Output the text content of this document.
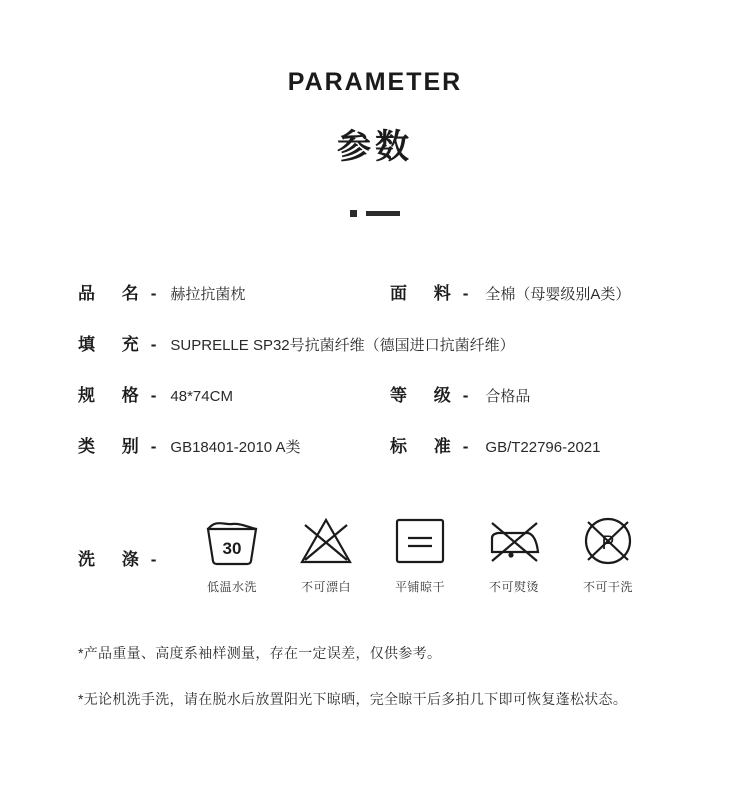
PARAMETER
参数
品 名 - 赫拉抗菌枕	面 料 - 全棉（母婴级别A类）
填 充 - SUPRELLE SP32号抗菌纤维（德国进口抗菌纤维）
规 格 - 48*74CM	等 级 - 合格品
类 别 - GB18401-2010 A类	标 准 - GB/T22796-2021
洗 涤 -
30
低温水洗	不可漂白	平铺晾干	不可熨烫
P
不可干洗
*产品重量、高度系袖样测量，存在一定误差，仅供参考。
*无论机洗手洗，请在脱水后放置阳光下晾晒，完全晾干后多拍几下即可恢复蓬松状态。
